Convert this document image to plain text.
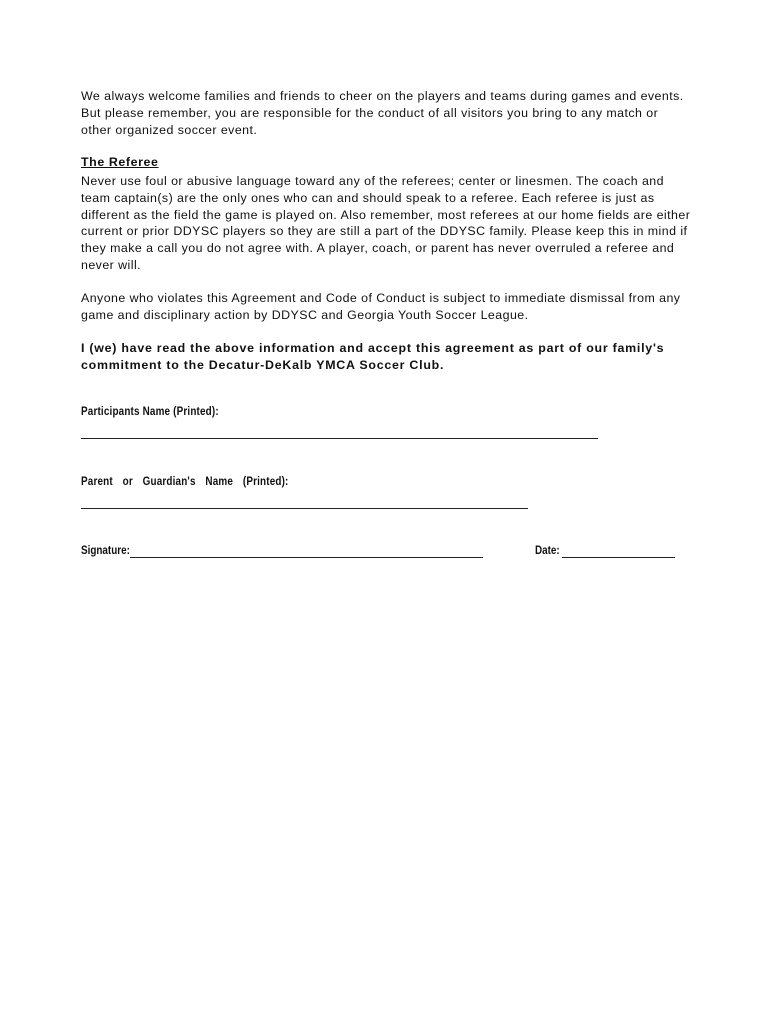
We always welcome families and friends to cheer on the players and teams during games and events. But please remember, you are responsible for the conduct of all visitors you bring to any match or other organized soccer event.

The Referee

Never use foul or abusive language toward any of the referees; center or linesmen. The coach and team captain(s) are the only ones who can and should speak to a referee. Each referee is just as different as the field the game is played on. Also remember, most referees at our home fields are either current or prior DDYSC players so they are still a part of the DDYSC family. Please keep this in mind if they make a call you do not agree with. A player, coach, or parent has never overruled a referee and never will.

Anyone who violates this Agreement and Code of Conduct is subject to immediate dismissal from any game and disciplinary action by DDYSC and Georgia Youth Soccer League.

I (we) have read the above information and accept this agreement as part of our family's commitment to the Decatur-DeKalb YMCA Soccer Club.

Participants Name (Printed):

Parent or Guardian's Name (Printed):

Signature:	Date:
